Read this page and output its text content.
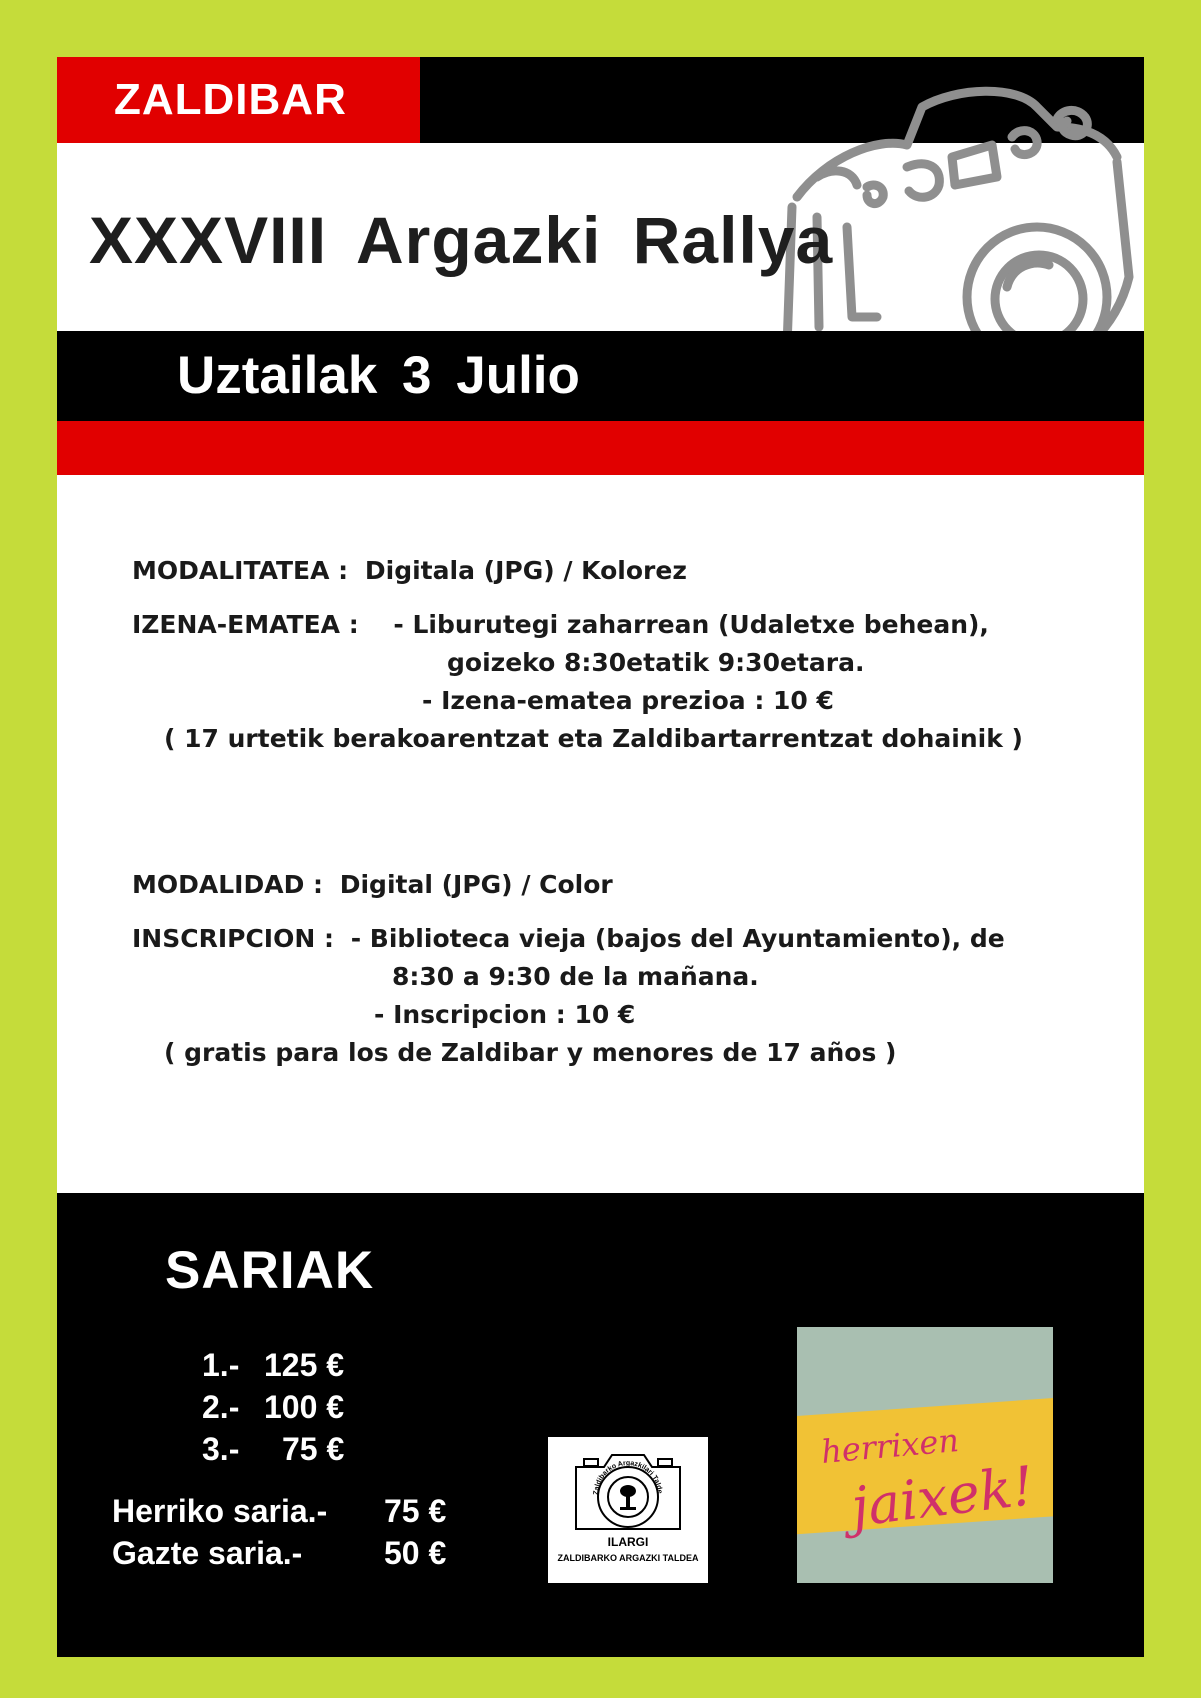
ZALDIBAR
XXXVIII Argazki Rallya
Uztailak 3 Julio
MODALITATEA : Digitala (JPG) / Kolorez
IZENA-EMATEA : - Liburutegi zaharrean (Udaletxe behean),
goizeko 8:30etatik 9:30etara.
- Izena-ematea prezioa : 10 €
( 17 urtetik berakoarentzat eta Zaldibartarrentzat dohainik )
MODALIDAD : Digital (JPG) / Color
INSCRIPCION : - Biblioteca vieja (bajos del Ayuntamiento), de
8:30 a 9:30 de la mañana.
- Inscripcion : 10 €
( gratis para los de Zaldibar y menores de 17 años )
SARIAK
1.- 125 €
2.- 100 €
3.- 75 €
Herriko saria.- 75 €
Gazte saria.-	50 €
Zaldibarko Argazkilari Talde
ILARGI
ZALDIBARKO ARGAZKI TALDEA
herrixen
jaixek!
